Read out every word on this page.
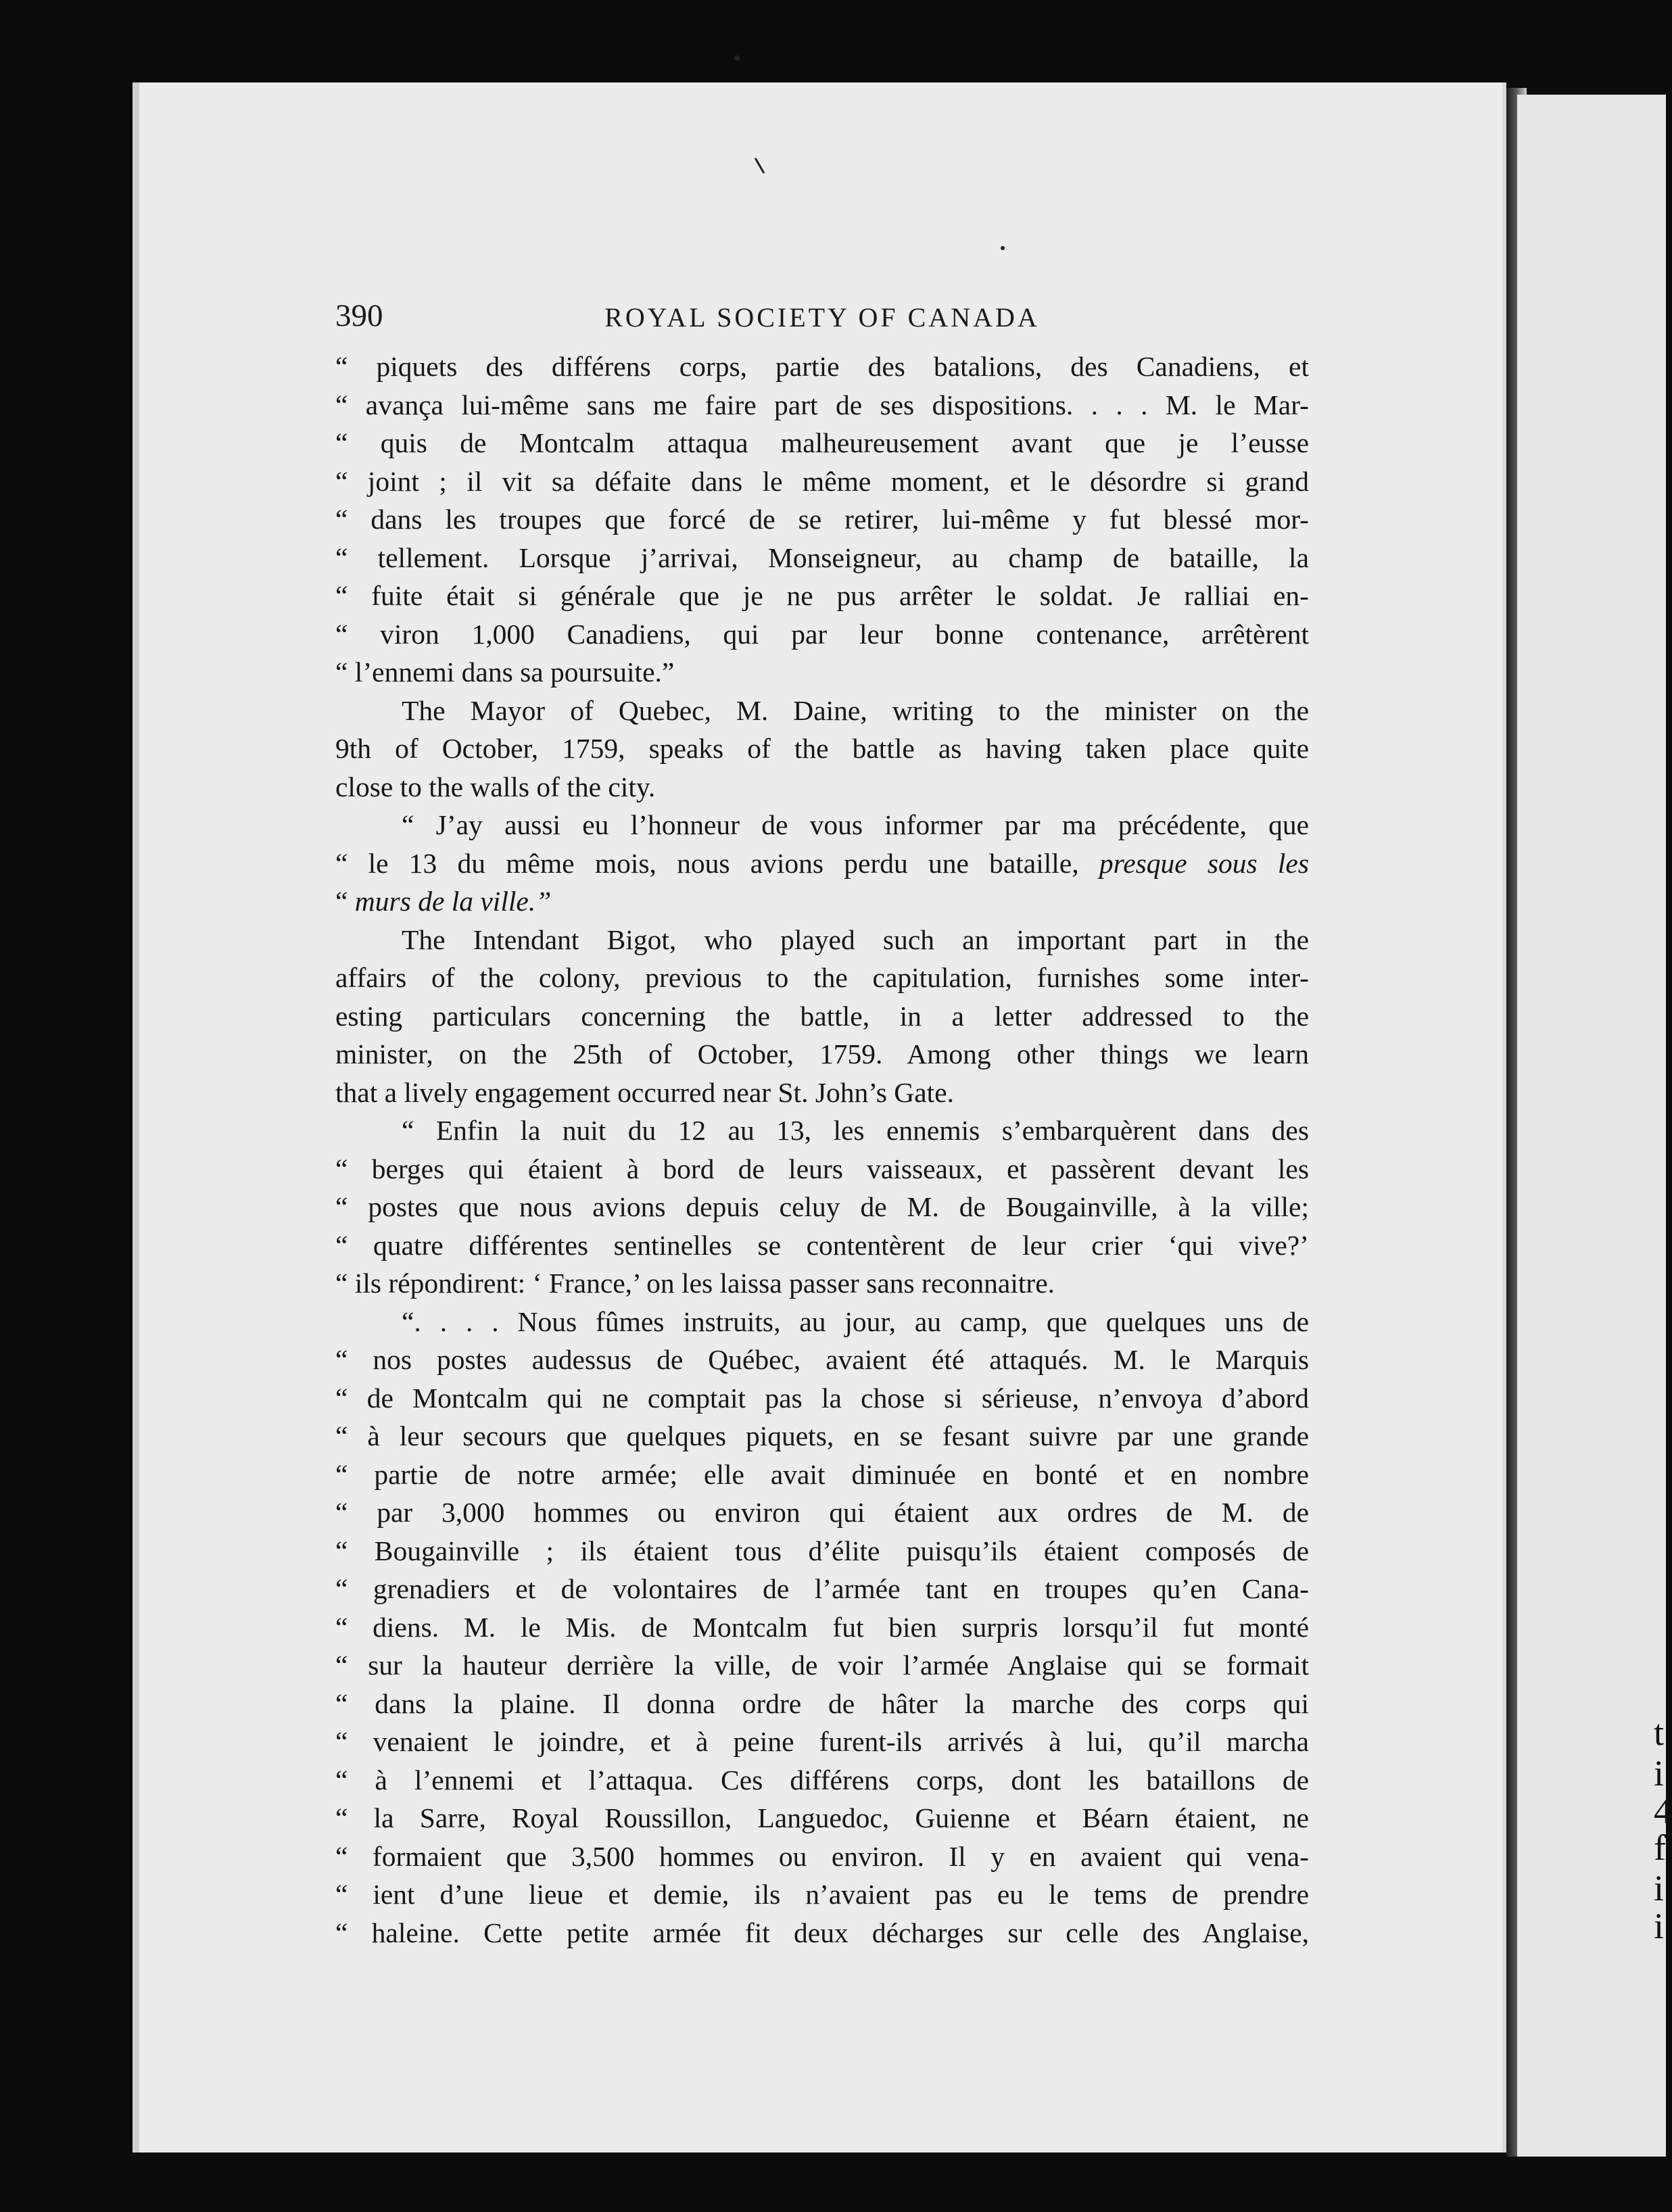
t
i
4
f
i
i
390	ROYAL SOCIETY OF CANADA
“ piquets des différens corps, partie des batalions, des Canadiens, et
“ avança lui-même sans me faire part de ses dispositions. . . . M. le Mar-
“ quis de Montcalm attaqua malheureusement avant que je l’eusse
“ joint ; il vit sa défaite dans le même moment, et le désordre si grand
“ dans les troupes que forcé de se retirer, lui-même y fut blessé mor-
“ tellement. Lorsque j’arrivai, Monseigneur, au champ de bataille, la
“ fuite était si générale que je ne pus arrêter le soldat. Je ralliai en-
“ viron 1,000 Canadiens, qui par leur bonne contenance, arrêtèrent
“ l’ennemi dans sa poursuite.”
The Mayor of Quebec, M. Daine, writing to the minister on the
9th of October, 1759, speaks of the battle as having taken place quite
close to the walls of the city.
“ J’ay aussi eu l’honneur de vous informer par ma précédente, que
“ le 13 du même mois, nous avions perdu une bataille, presque sous les
“ murs de la ville.”
The Intendant Bigot, who played such an important part in the
affairs of the colony, previous to the capitulation, furnishes some inter-
esting particulars concerning the battle, in a letter addressed to the
minister, on the 25th of October, 1759. Among other things we learn
that a lively engagement occurred near St. John’s Gate.
“ Enfin la nuit du 12 au 13, les ennemis s’embarquèrent dans des
“ berges qui étaient à bord de leurs vaisseaux, et passèrent devant les
“ postes que nous avions depuis celuy de M. de Bougainville, à la ville;
“ quatre différentes sentinelles se contentèrent de leur crier ‘qui vive?’
“ ils répondirent: ‘ France,’ on les laissa passer sans reconnaitre.
“. . . . Nous fûmes instruits, au jour, au camp, que quelques uns de
“ nos postes audessus de Québec, avaient été attaqués. M. le Marquis
“ de Montcalm qui ne comptait pas la chose si sérieuse, n’envoya d’abord
“ à leur secours que quelques piquets, en se fesant suivre par une grande
“ partie de notre armée; elle avait diminuée en bonté et en nombre
“ par 3,000 hommes ou environ qui étaient aux ordres de M. de
“ Bougainville ; ils étaient tous d’élite puisqu’ils étaient composés de
“ grenadiers et de volontaires de l’armée tant en troupes qu’en Cana-
“ diens. M. le Mis. de Montcalm fut bien surpris lorsqu’il fut monté
“ sur la hauteur derrière la ville, de voir l’armée Anglaise qui se formait
“ dans la plaine. Il donna ordre de hâter la marche des corps qui
“ venaient le joindre, et à peine furent-ils arrivés à lui, qu’il marcha
“ à l’ennemi et l’attaqua. Ces différens corps, dont les bataillons de
“ la Sarre, Royal Roussillon, Languedoc, Guienne et Béarn étaient, ne
“ formaient que 3,500 hommes ou environ. Il y en avaient qui vena-
“ ient d’une lieue et demie, ils n’avaient pas eu le tems de prendre
“ haleine. Cette petite armée fit deux décharges sur celle des Anglaise,
